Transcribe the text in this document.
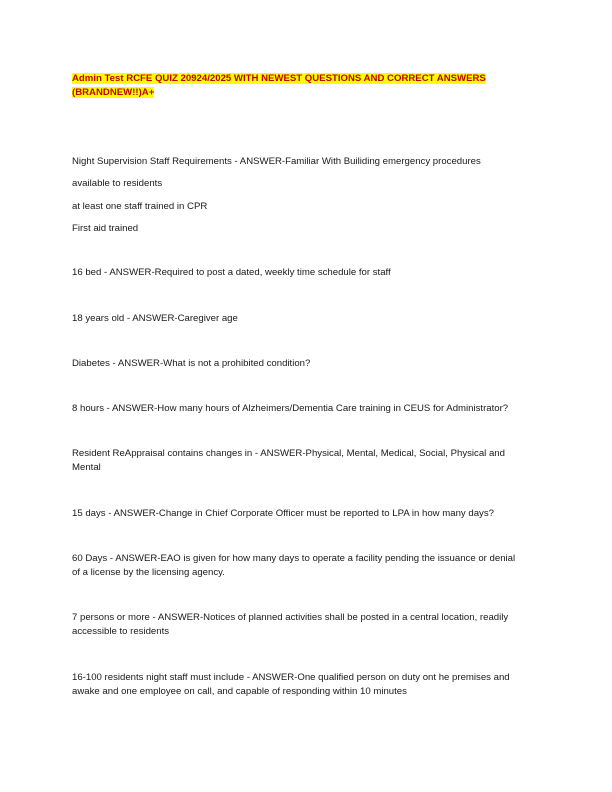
Admin Test RCFE QUIZ 20924/2025 WITH NEWEST QUESTIONS AND CORRECT ANSWERS
(BRANDNEW!!)A+
Night Supervision Staff Requirements - ANSWER-Familiar With Builiding emergency procedures
available to residents
at least one staff trained in CPR
First aid trained
16 bed - ANSWER-Required to post a dated, weekly time schedule for staff
18 years old - ANSWER-Caregiver age
Diabetes - ANSWER-What is not a prohibited condition?
8 hours - ANSWER-How many hours of Alzheimers/Dementia Care training in CEUS for Administrator?
Resident ReAppraisal contains changes in - ANSWER-Physical, Mental, Medical, Social, Physical and
Mental
15 days - ANSWER-Change in Chief Corporate Officer must be reported to LPA in how many days?
60 Days - ANSWER-EAO is given for how many days to operate a facility pending the issuance or denial
of a license by the licensing agency.
7 persons or more - ANSWER-Notices of planned activities shall be posted in a central location, readily
accessible to residents
16-100 residents night staff must include - ANSWER-One qualified person on duty ont he premises and
awake and one employee on call, and capable of responding within 10 minutes
